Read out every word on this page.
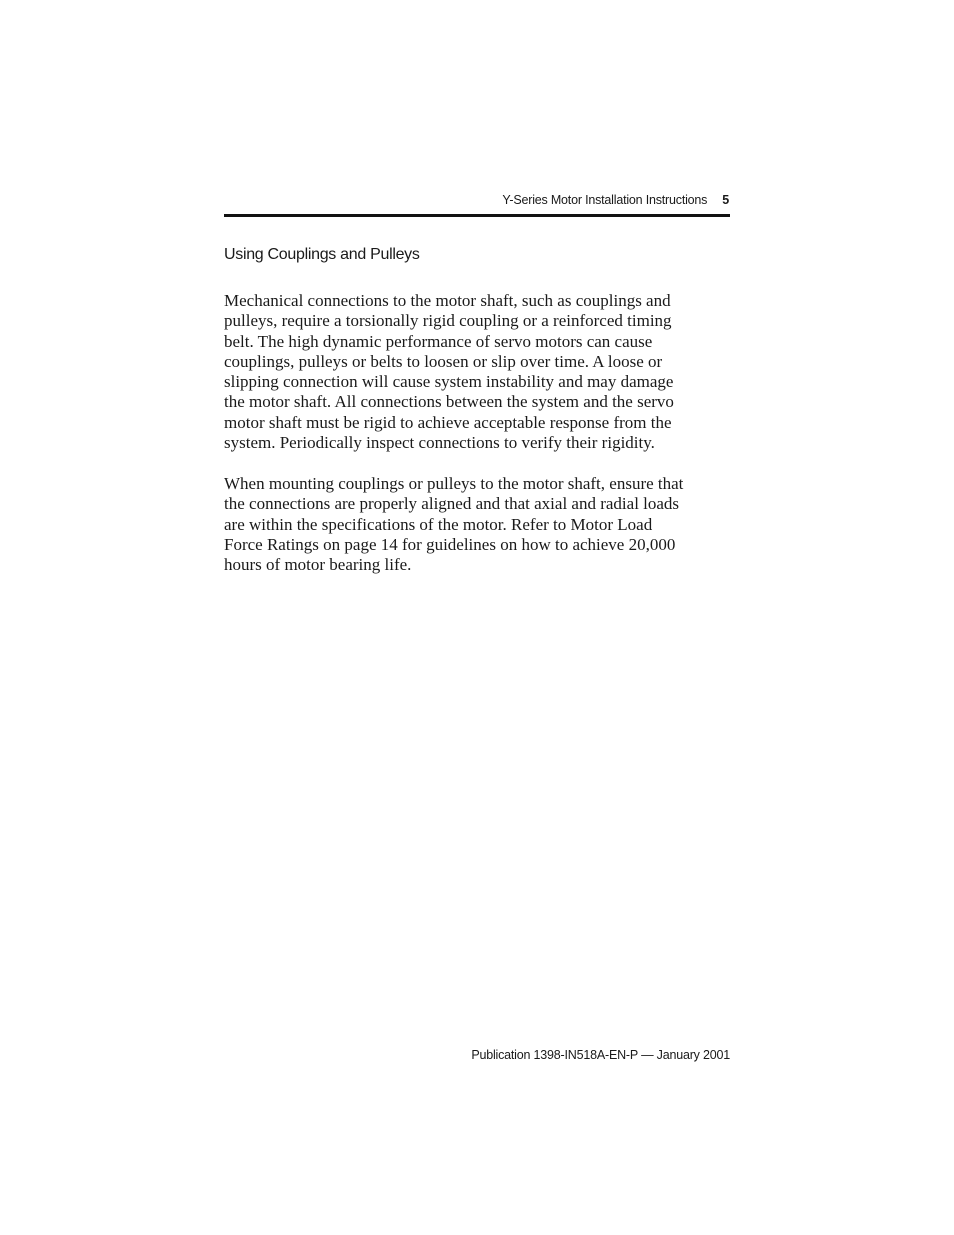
Y-Series Motor Installation Instructions 5
Using Couplings and Pulleys

Mechanical connections to the motor shaft, such as couplings and
pulleys, require a torsionally rigid coupling or a reinforced timing
belt. The high dynamic performance of servo motors can cause
couplings, pulleys or belts to loosen or slip over time. A loose or
slipping connection will cause system instability and may damage
the motor shaft. All connections between the system and the servo
motor shaft must be rigid to achieve acceptable response from the
system. Periodically inspect connections to verify their rigidity.

When mounting couplings or pulleys to the motor shaft, ensure that
the connections are properly aligned and that axial and radial loads
are within the specifications of the motor. Refer to Motor Load
Force Ratings on page 14 for guidelines on how to achieve 20,000
hours of motor bearing life.

Publication 1398-IN518A-EN-P — January 2001
